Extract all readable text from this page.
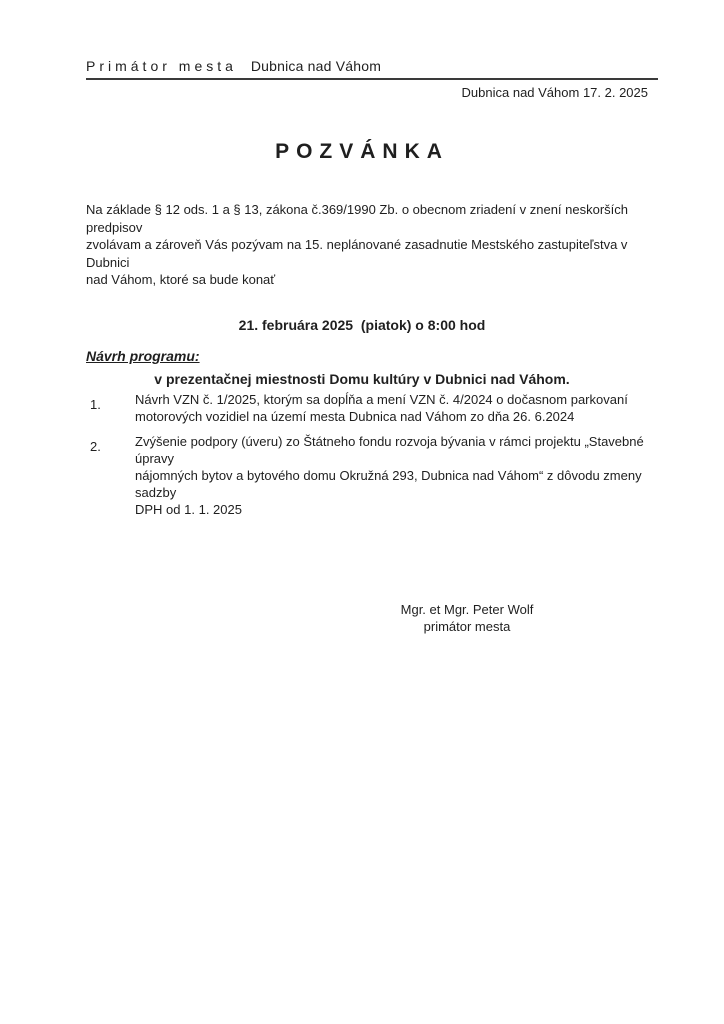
Primátor mesta Dubnica nad Váhom
Dubnica nad Váhom 17. 2. 2025
POZVÁNKA
Na základe § 12 ods. 1 a § 13, zákona č.369/1990 Zb. o obecnom zriadení v znení neskorších predpisov
zvolávam a zároveň Vás pozývam na 15. neplánované zasadnutie Mestského zastupiteľstva v Dubnici
nad Váhom, ktoré sa bude konať

21. februára 2025  (piatok) o 8:00 hod

v prezentačnej miestnosti Domu kultúry v Dubnici nad Váhom.

Návrh programu:
1.	Návrh VZN č. 1/2025, ktorým sa dopĺňa a mení VZN č. 4/2024 o dočasnom parkovaní
motorových vozidiel na území mesta Dubnica nad Váhom zo dňa 26. 6.2024
2.	Zvýšenie podpory (úveru) zo Štátneho fondu rozvoja bývania v rámci projektu „Stavebné úpravy
nájomných bytov a bytového domu Okružná 293, Dubnica nad Váhom“ z dôvodu zmeny sadzby
DPH od 1. 1. 2025
Mgr. et Mgr. Peter Wolf
primátor mesta
